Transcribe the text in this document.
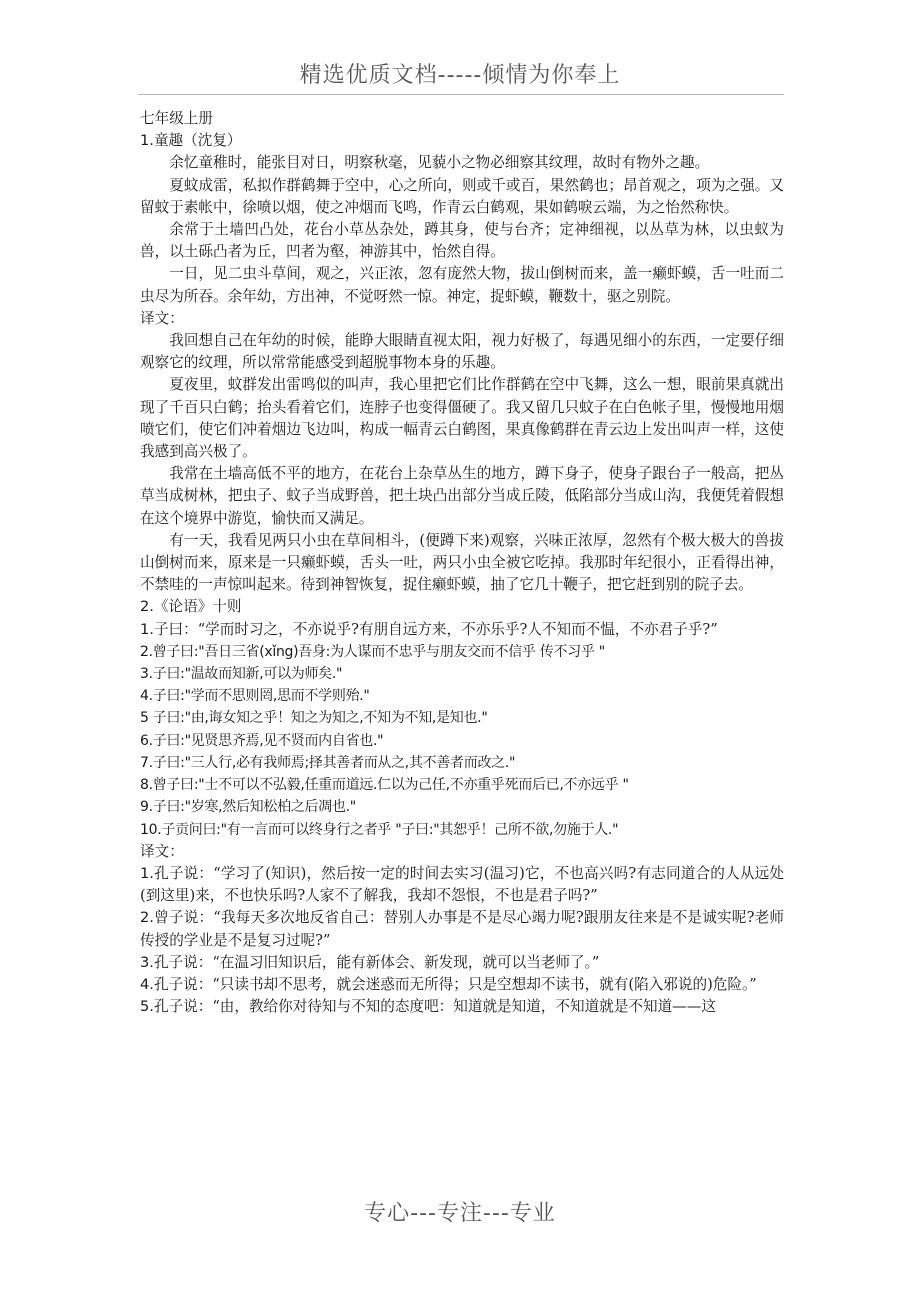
精选优质文档-----倾情为你奉上

七年级上册

1.童趣（沈复）

余忆童稚时，能张目对日，明察秋毫，见藐小之物必细察其纹理，故时有物外之趣。

夏蚊成雷，私拟作群鹤舞于空中，心之所向，则或千或百，果然鹤也；昂首观之，项为之强。又留蚊于素帐中，徐喷以烟，使之冲烟而飞鸣，作青云白鹤观，果如鹤唳云端，为之怡然称快。

余常于土墙凹凸处，花台小草丛杂处，蹲其身，使与台齐；定神细视，以丛草为林，以虫蚁为兽，以土砾凸者为丘，凹者为壑，神游其中，怡然自得。

一日，见二虫斗草间，观之，兴正浓，忽有庞然大物，拔山倒树而来，盖一癞虾蟆，舌一吐而二虫尽为所吞。余年幼，方出神，不觉呀然一惊。神定，捉虾蟆，鞭数十，驱之别院。

译文：

我回想自己在年幼的时候，能睁大眼睛直视太阳，视力好极了，每遇见细小的东西，一定要仔细观察它的纹理，所以常常能感受到超脱事物本身的乐趣。

夏夜里，蚊群发出雷鸣似的叫声，我心里把它们比作群鹤在空中飞舞，这么一想，眼前果真就出现了千百只白鹤；抬头看着它们，连脖子也变得僵硬了。我又留几只蚊子在白色帐子里，慢慢地用烟喷它们，使它们冲着烟边飞边叫，构成一幅青云白鹤图，果真像鹤群在青云边上发出叫声一样，这使我感到高兴极了。

我常在土墙高低不平的地方，在花台上杂草丛生的地方，蹲下身子，使身子跟台子一般高，把丛草当成树林，把虫子、蚊子当成野兽，把土块凸出部分当成丘陵，低陷部分当成山沟，我便凭着假想在这个境界中游览，愉快而又满足。

有一天，我看见两只小虫在草间相斗，(便蹲下来)观察，兴味正浓厚，忽然有个极大极大的兽拔山倒树而来，原来是一只癞虾蟆，舌头一吐，两只小虫全被它吃掉。我那时年纪很小，正看得出神，不禁哇的一声惊叫起来。待到神智恢复，捉住癞虾蟆，抽了它几十鞭子，把它赶到别的院子去。

2.《论语》十则

1.子曰：“学而时习之，不亦说乎?有朋自远方来，不亦乐乎?人不知而不愠，不亦君子乎?”

2.曾子曰:"吾日三省(xǐng)吾身:为人谋而不忠乎与朋友交而不信乎 传不习乎 "

3.子曰:"温故而知新,可以为师矣."

4.子曰:"学而不思则罔,思而不学则殆."

5 子曰:"由,诲女知之乎！知之为知之,不知为不知,是知也."

6.子曰:"见贤思齐焉,见不贤而内自省也."

7.子曰:"三人行,必有我师焉;择其善者而从之,其不善者而改之."

8.曾子曰:"士不可以不弘毅,任重而道远.仁以为己任,不亦重乎死而后已,不亦远乎 "

9.子曰:"岁寒,然后知松柏之后凋也."

10.子贡问曰:"有一言而可以终身行之者乎 "子曰:"其恕乎！己所不欲,勿施于人."

译文：

1.孔子说：“学习了(知识)，然后按一定的时间去实习(温习)它，不也高兴吗?有志同道合的人从远处(到这里)来，不也快乐吗?人家不了解我，我却不怨恨，不也是君子吗?”

2.曾子说：“我每天多次地反省自己：替别人办事是不是尽心竭力呢?跟朋友往来是不是诚实呢?老师传授的学业是不是复习过呢?”

3.孔子说：“在温习旧知识后，能有新体会、新发现，就可以当老师了。”

4.孔子说：“只读书却不思考，就会迷惑而无所得；只是空想却不读书，就有(陷入邪说的)危险。”

5.孔子说：“由，教给你对待知与不知的态度吧：知道就是知道，不知道就是不知道——这

专心---专注---专业
